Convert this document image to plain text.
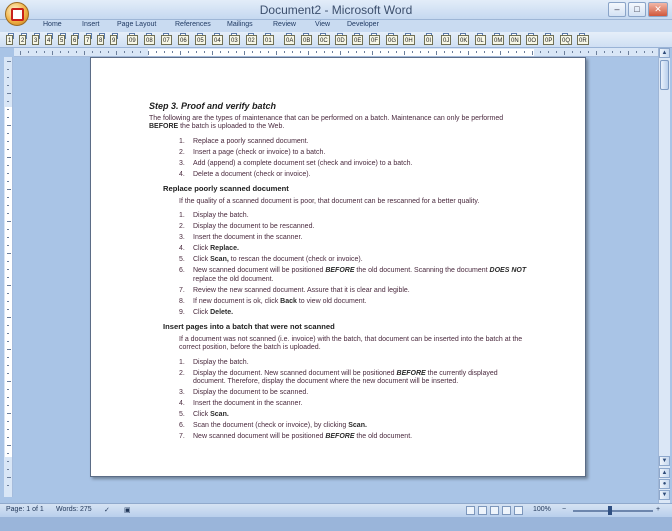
Document2 - Microsoft Word	–	□	✕
Home	Insert Page Layout	References Mailings	Review	View Developer
1	2	3	4	5	6	7	8	9	09	08	07	06	05	04	03	02	01	0A	0B	0C	0D	0E	0F	0G	0H	0I	0J	0K	0L	0M	0N	0O	0P	0Q	0R
▲
▼
▲
●
▼
Step 3. Proof and verify batch
The following are the types of maintenance that can be performed on a batch. Maintenance can only be performed BEFORE the batch is uploaded to the Web.
1. Replace a poorly scanned document.
2. Insert a page (check or invoice) to a batch.
3. Add (append) a complete document set (check and invoice) to a batch.
4. Delete a document (check or invoice).
Replace poorly scanned document
If the quality of a scanned document is poor, that document can be rescanned for a better quality.
1. Display the batch.
2. Display the document to be rescanned.
3. Insert the document in the scanner.
4. Click Replace.
5. Click Scan, to rescan the document (check or invoice).
6. New scanned document will be positioned BEFORE the old document. Scanning the document DOES NOT replace the old document.
7. Review the new scanned document. Assure that it is clear and legible.
8. If new document is ok, click Back to view old document.
9. Click Delete.
Insert pages into a batch that were not scanned
If a document was not scanned (i.e. invoice) with the batch, that document can be inserted into the batch at the correct position, before the batch is uploaded.
1. Display the batch.
2. Display the document. New scanned document will be positioned BEFORE the currently displayed document. Therefore, display the document where the new document will be inserted.
3. Display the document to be scanned.
4. Insert the document in the scanner.
5. Click Scan.
6. Scan the document (check or invoice), by clicking Scan.
7. New scanned document will be positioned BEFORE the old document.
Page: 1 of 1 Words: 275 ✓ ▣	100% −	+
